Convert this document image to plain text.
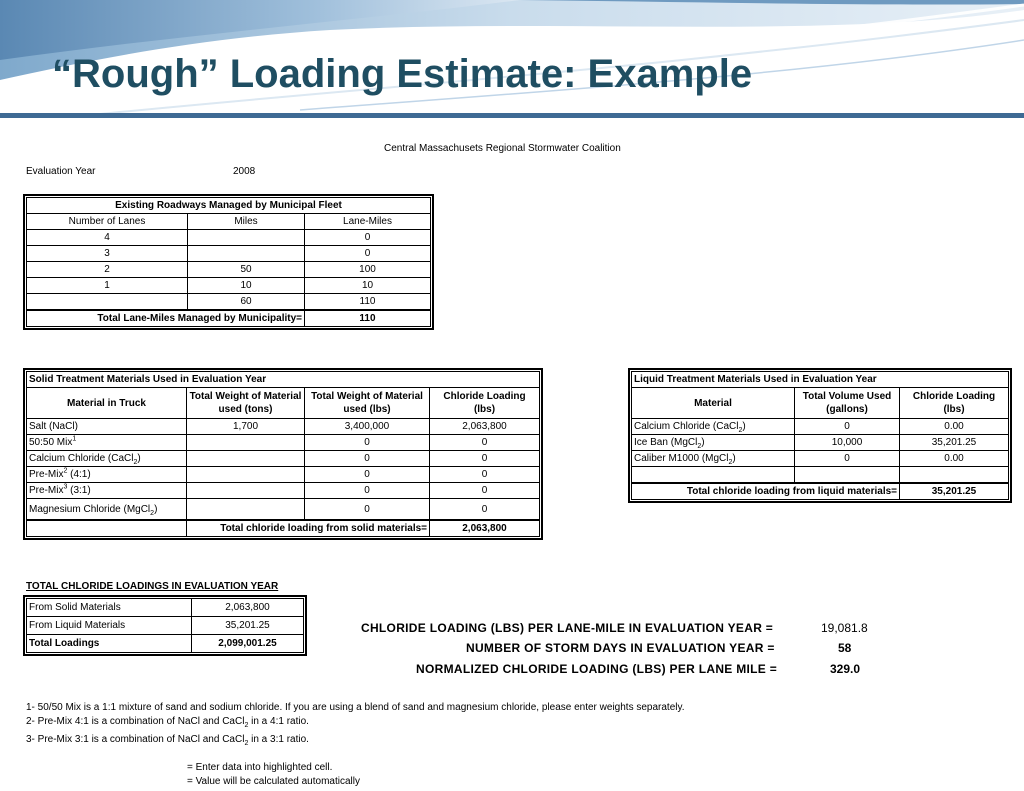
“Rough” Loading Estimate: Example
Central Massachusets Regional Stormwater Coalition
Evaluation Year	2008
Existing Roadways Managed by Municipal Fleet		
Number of Lanes	Miles	Lane-Miles
4		0
3		0
2	50	100
1	10	10
	60	110
Total Lane-Miles Managed by Municipality=		110
Solid Treatment Materials Used in Evaluation Year			
Material in Truck	Total Weight of Material used (tons)	Total Weight of Material used (lbs)	Chloride Loading (lbs)
Salt (NaCl)	1,700	3,400,000	2,063,800
50:50 Mix$^1$		0	0
Calcium Chloride (CaCl$_2$)		0	0
Pre-Mix$^2$ (4:1)		0	0
Pre-Mix$^3$ (3:1)		0	0
Magnesium Chloride (MgCl$_2$)		0	0
	Total chloride loading from solid materials=		2,063,800
Liquid Treatment Materials Used in Evaluation Year		
Material	Total Volume Used (gallons)	Chloride Loading (lbs)
Calcium Chloride (CaCl$_2$)	0	0.00
Ice Ban (MgCl$_2$)	10,000	35,201.25
Caliber M1000 (MgCl$_2$)	0	0.00

Total chloride loading from liquid materials=		35,201.25
TOTAL CHLORIDE LOADINGS IN EVALUATION YEAR
From Solid Materials	2,063,800
From Liquid Materials	35,201.25
Total Loadings	2,099,001.25
CHLORIDE LOADING (LBS) PER LANE-MILE IN EVALUATION YEAR =	19,081.8
NUMBER OF STORM DAYS IN EVALUATION YEAR =	58
NORMALIZED CHLORIDE LOADING (LBS) PER LANE MILE =	329.0
1- 50/50 Mix is a 1:1 mixture of sand and sodium chloride. If you are using a blend of sand and magnesium chloride, please enter weights separately.
2- Pre-Mix 4:1 is a combination of NaCl and CaCl$_2$ in a 4:1 ratio.
3- Pre-Mix 3:1 is a combination of NaCl and CaCl$_2$ in a 3:1 ratio.
= Enter data into highlighted cell.
= Value will be calculated automatically
